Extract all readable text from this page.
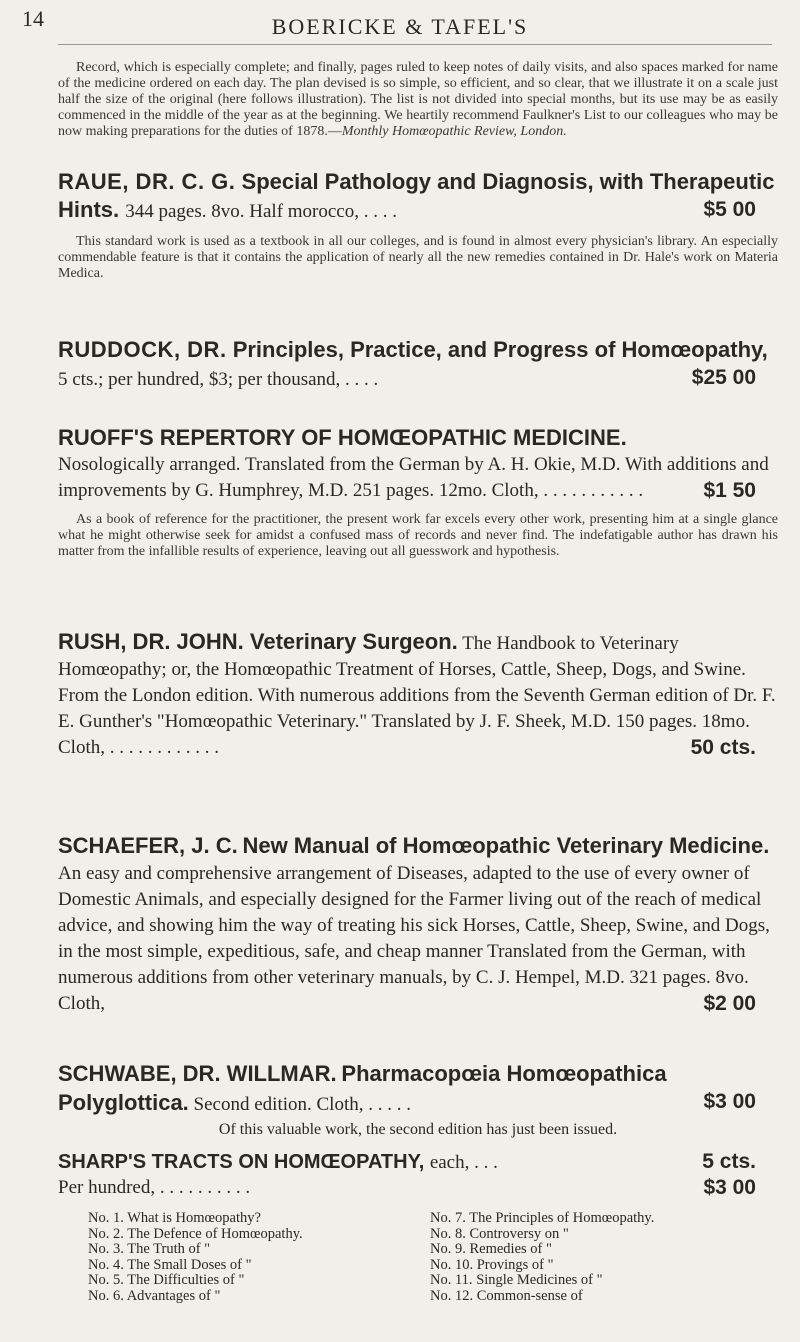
14	BOERICKE & TAFEL'S
Record, which is especially complete; and finally, pages ruled to keep notes of daily visits, and also spaces marked for name of the medicine ordered on each day. The plan devised is so simple, so efficient, and so clear, that we illustrate it on a scale just half the size of the original (here follows illustration). The list is not divided into special months, but its use may be as easily commenced in the middle of the year as at the beginning. We heartily recommend Faulkner's List to our colleagues who may be now making preparations for the duties of 1878.—Monthly Homœopathic Review, London.
RAUE, DR. C. G. Special Pathology and Diagnosis, with Therapeutic Hints. 344 pages. 8vo. Half morocco, . . . .	$5 00
This standard work is used as a textbook in all our colleges, and is found in almost every physician's library. An especially commendable feature is that it contains the application of nearly all the new remedies contained in Dr. Hale's work on Materia Medica.
RUDDOCK, DR. Principles, Practice, and Progress of Homœopathy, 5 cts.; per hundred, $3; per thousand, . . . .	$25 00
RUOFF'S REPERTORY OF HOMŒOPATHIC MEDICINE.
Nosologically arranged. Translated from the German by A. H. Okie, M.D. With additions and improvements by G. Humphrey, M.D. 251 pages. 12mo. Cloth, . . . . . . . . . . .	$1 50
As a book of reference for the practitioner, the present work far excels every other work, presenting him at a single glance what he might otherwise seek for amidst a confused mass of records and never find. The indefatigable author has drawn his matter from the infallible results of experience, leaving out all guesswork and hypothesis.
RUSH, DR. JOHN. Veterinary Surgeon. The Handbook to Veterinary Homœopathy; or, the Homœopathic Treatment of Horses, Cattle, Sheep, Dogs, and Swine. From the London edition. With numerous additions from the Seventh German edition of Dr. F. E. Gunther's "Homœopathic Veterinary." Translated by J. F. Sheek, M.D. 150 pages. 18mo. Cloth, . . . . . . . . . . . .	50 cts.
SCHAEFER, J. C. New Manual of Homœopathic Veterinary Medicine. An easy and comprehensive arrangement of Diseases, adapted to the use of every owner of Domestic Animals, and especially designed for the Farmer living out of the reach of medical advice, and showing him the way of treating his sick Horses, Cattle, Sheep, Swine, and Dogs, in the most simple, expeditious, safe, and cheap manner Translated from the German, with numerous additions from other veterinary manuals, by C. J. Hempel, M.D. 321 pages. 8vo. Cloth,	$2 00
SCHWABE, DR. WILLMAR. Pharmacopœia Homœopathica Polyglottica. Second edition. Cloth, . . . . .	$3 00
Of this valuable work, the second edition has just been issued.
SHARP'S TRACTS ON HOMŒOPATHY, each, . . .	5 cts.
Per hundred, . . . . . . . . . .	$3 00
No. 1. What is Homœopathy?
No. 2. The Defence of Homœopathy.
No. 3. The Truth of "
No. 4. The Small Doses of "
No. 5. The Difficulties of "
No. 6. Advantages of "
No. 7. The Principles of Homœopathy.
No. 8. Controversy on "
No. 9. Remedies of "
No. 10. Provings of "
No. 11. Single Medicines of "
No. 12. Common-sense of
